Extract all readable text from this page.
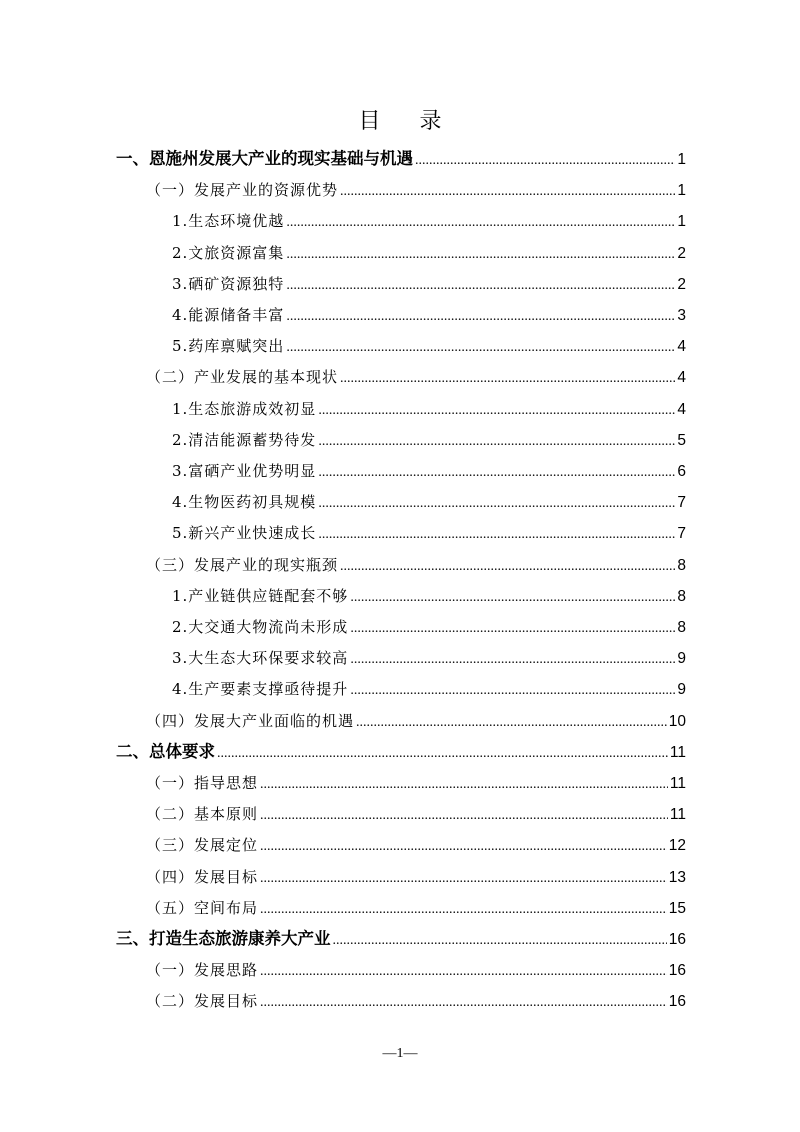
目 录
一、恩施州发展大产业的现实基础与机遇 .....	1
（一）发展产业的资源优势 .....	1
1.生态环境优越 .....	1
2.文旅资源富集 .....	2
3.硒矿资源独特 .....	2
4.能源储备丰富 .....	3
5.药库禀赋突出 .....	4
（二）产业发展的基本现状 .....	4
1.生态旅游成效初显 .....	4
2.清洁能源蓄势待发 .....	5
3.富硒产业优势明显 .....	6
4.生物医药初具规模 .....	7
5.新兴产业快速成长 .....	7
（三）发展产业的现实瓶颈 .....	8
1.产业链供应链配套不够 .....	8
2.大交通大物流尚未形成 .....	8
3.大生态大环保要求较高 .....	9
4.生产要素支撑亟待提升 .....	9
（四）发展大产业面临的机遇 .....	10
二、总体要求 .....	11
（一）指导思想 .....	11
（二）基本原则 .....	11
（三）发展定位 .....	12
（四）发展目标 .....	13
（五）空间布局 .....	15
三、打造生态旅游康养大产业 .....	16
（一）发展思路 .....	16
（二）发展目标 .....	16
—1—
